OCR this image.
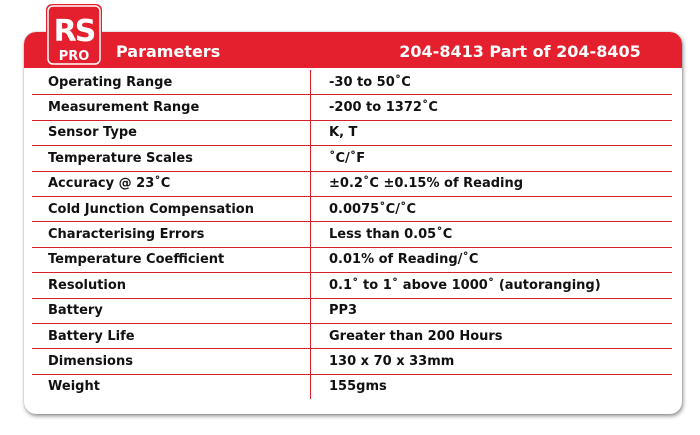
RS
PRO Parameters	204-8413 Part of 204-8405
Operating Range	-30 to 50˚C
Measurement Range	-200 to 1372˚C
Sensor Type	K, T
Temperature Scales	˚C/˚F
Accuracy @ 23˚C	±0.2˚C ±0.15% of Reading
Cold Junction Compensation	0.0075˚C/˚C
Characterising Errors	Less than 0.05˚C
Temperature Coefficient	0.01% of Reading/˚C
Resolution	0.1˚ to 1˚ above 1000˚ (autoranging)
Battery	PP3
Battery Life	Greater than 200 Hours
Dimensions	130 x 70 x 33mm
Weight	155gms
